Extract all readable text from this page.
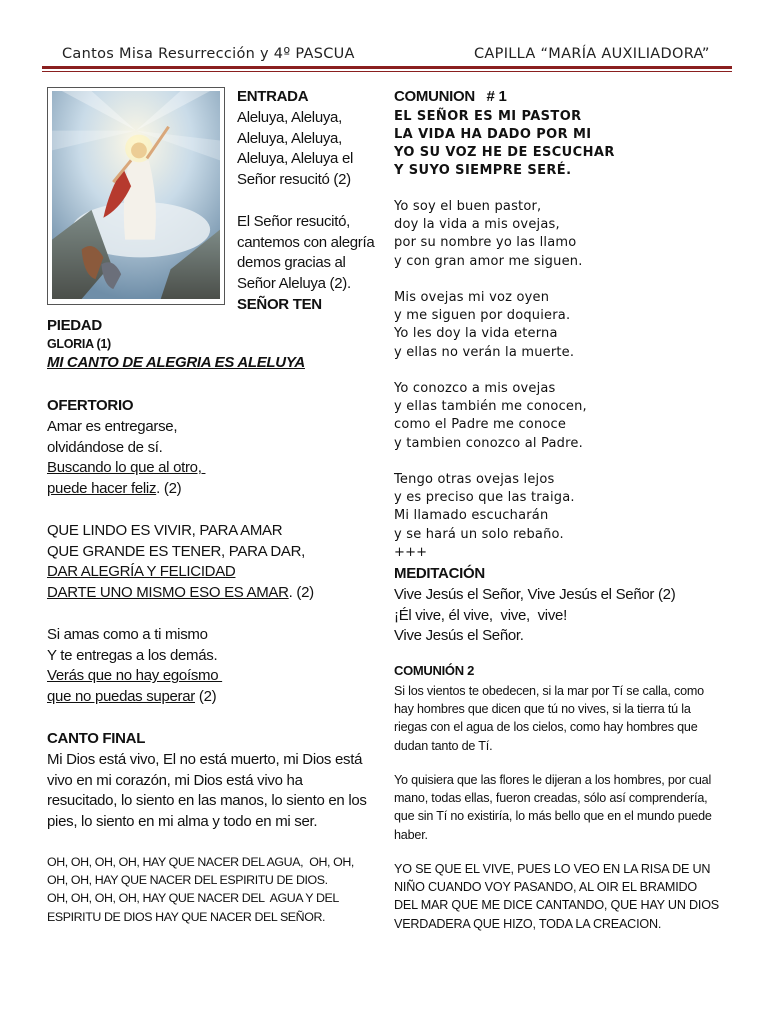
Cantos Misa Resurrección y 4º PASCUA	CAPILLA “MARÍA AUXILIADORA”
ENTRADA
Aleluya, Aleluya,
Aleluya, Aleluya,
Aleluya, Aleluya el
Señor resucitó (2)
El Señor resucitó,
cantemos con alegría
demos gracias al
Señor Aleluya (2).
SEÑOR TEN
PIEDAD
GLORIA (1)
MI CANTO DE ALEGRIA ES ALELUYA
OFERTORIO
Amar es entregarse,
olvidándose de sí.
Buscando lo que al otro,
puede hacer feliz. (2)
QUE LINDO ES VIVIR, PARA AMAR
QUE GRANDE ES TENER, PARA DAR,
DAR ALEGRÍA Y FELICIDAD
DARTE UNO MISMO ESO ES AMAR. (2)
Si amas como a ti mismo
Y te entregas a los demás.
Verás que no hay egoísmo
que no puedas superar (2)
CANTO FINAL
Mi Dios está vivo, El no está muerto, mi Dios está
vivo en mi corazón, mi Dios está vivo ha
resucitado, lo siento en las manos, lo siento en los
pies, lo siento en mi alma y todo en mi ser.
OH, OH, OH, OH, HAY QUE NACER DEL AGUA,  OH, OH,
OH, OH, HAY QUE NACER DEL ESPIRITU DE DIOS.
OH, OH, OH, OH, HAY QUE NACER DEL  AGUA Y DEL
ESPIRITU DE DIOS HAY QUE NACER DEL SEÑOR.
COMUNION   # 1
EL SEÑOR ES MI PASTOR
LA VIDA HA DADO POR MI
YO SU VOZ HE DE ESCUCHAR
Y SUYO SIEMPRE SERÉ.
Yo soy el buen pastor,
doy la vida a mis ovejas,
por su nombre yo las llamo
y con gran amor me siguen.
Mis ovejas mi voz oyen
y me siguen por doquiera.
Yo les doy la vida eterna
y ellas no verán la muerte.
Yo conozco a mis ovejas
y ellas también me conocen,
como el Padre me conoce
y tambien conozco al Padre.
Tengo otras ovejas lejos
y es preciso que las traiga.
Mi llamado escucharán
y se hará un solo rebaño.
+++
MEDITACIÓN
Vive Jesús el Señor, Vive Jesús el Señor (2)
¡Él vive, él vive,  vive,  vive!
Vive Jesús el Señor.
COMUNIÓN 2
Si los vientos te obedecen, si la mar por Tí se calla, como
hay hombres que dicen que tú no vives, si la tierra tú la
riegas con el agua de los cielos, como hay hombres que
dudan tanto de Tí.
Yo quisiera que las flores le dijeran a los hombres, por cual
mano, todas ellas, fueron creadas, sólo así comprendería,
que sin Tí no existiría, lo más bello que en el mundo puede
haber.
YO SE QUE EL VIVE, PUES LO VEO EN LA RISA DE UN
NIÑO CUANDO VOY PASANDO, AL OIR EL BRAMIDO
DEL MAR QUE ME DICE CANTANDO, QUE HAY UN DIOS
VERDADERA QUE HIZO, TODA LA CREACION.
